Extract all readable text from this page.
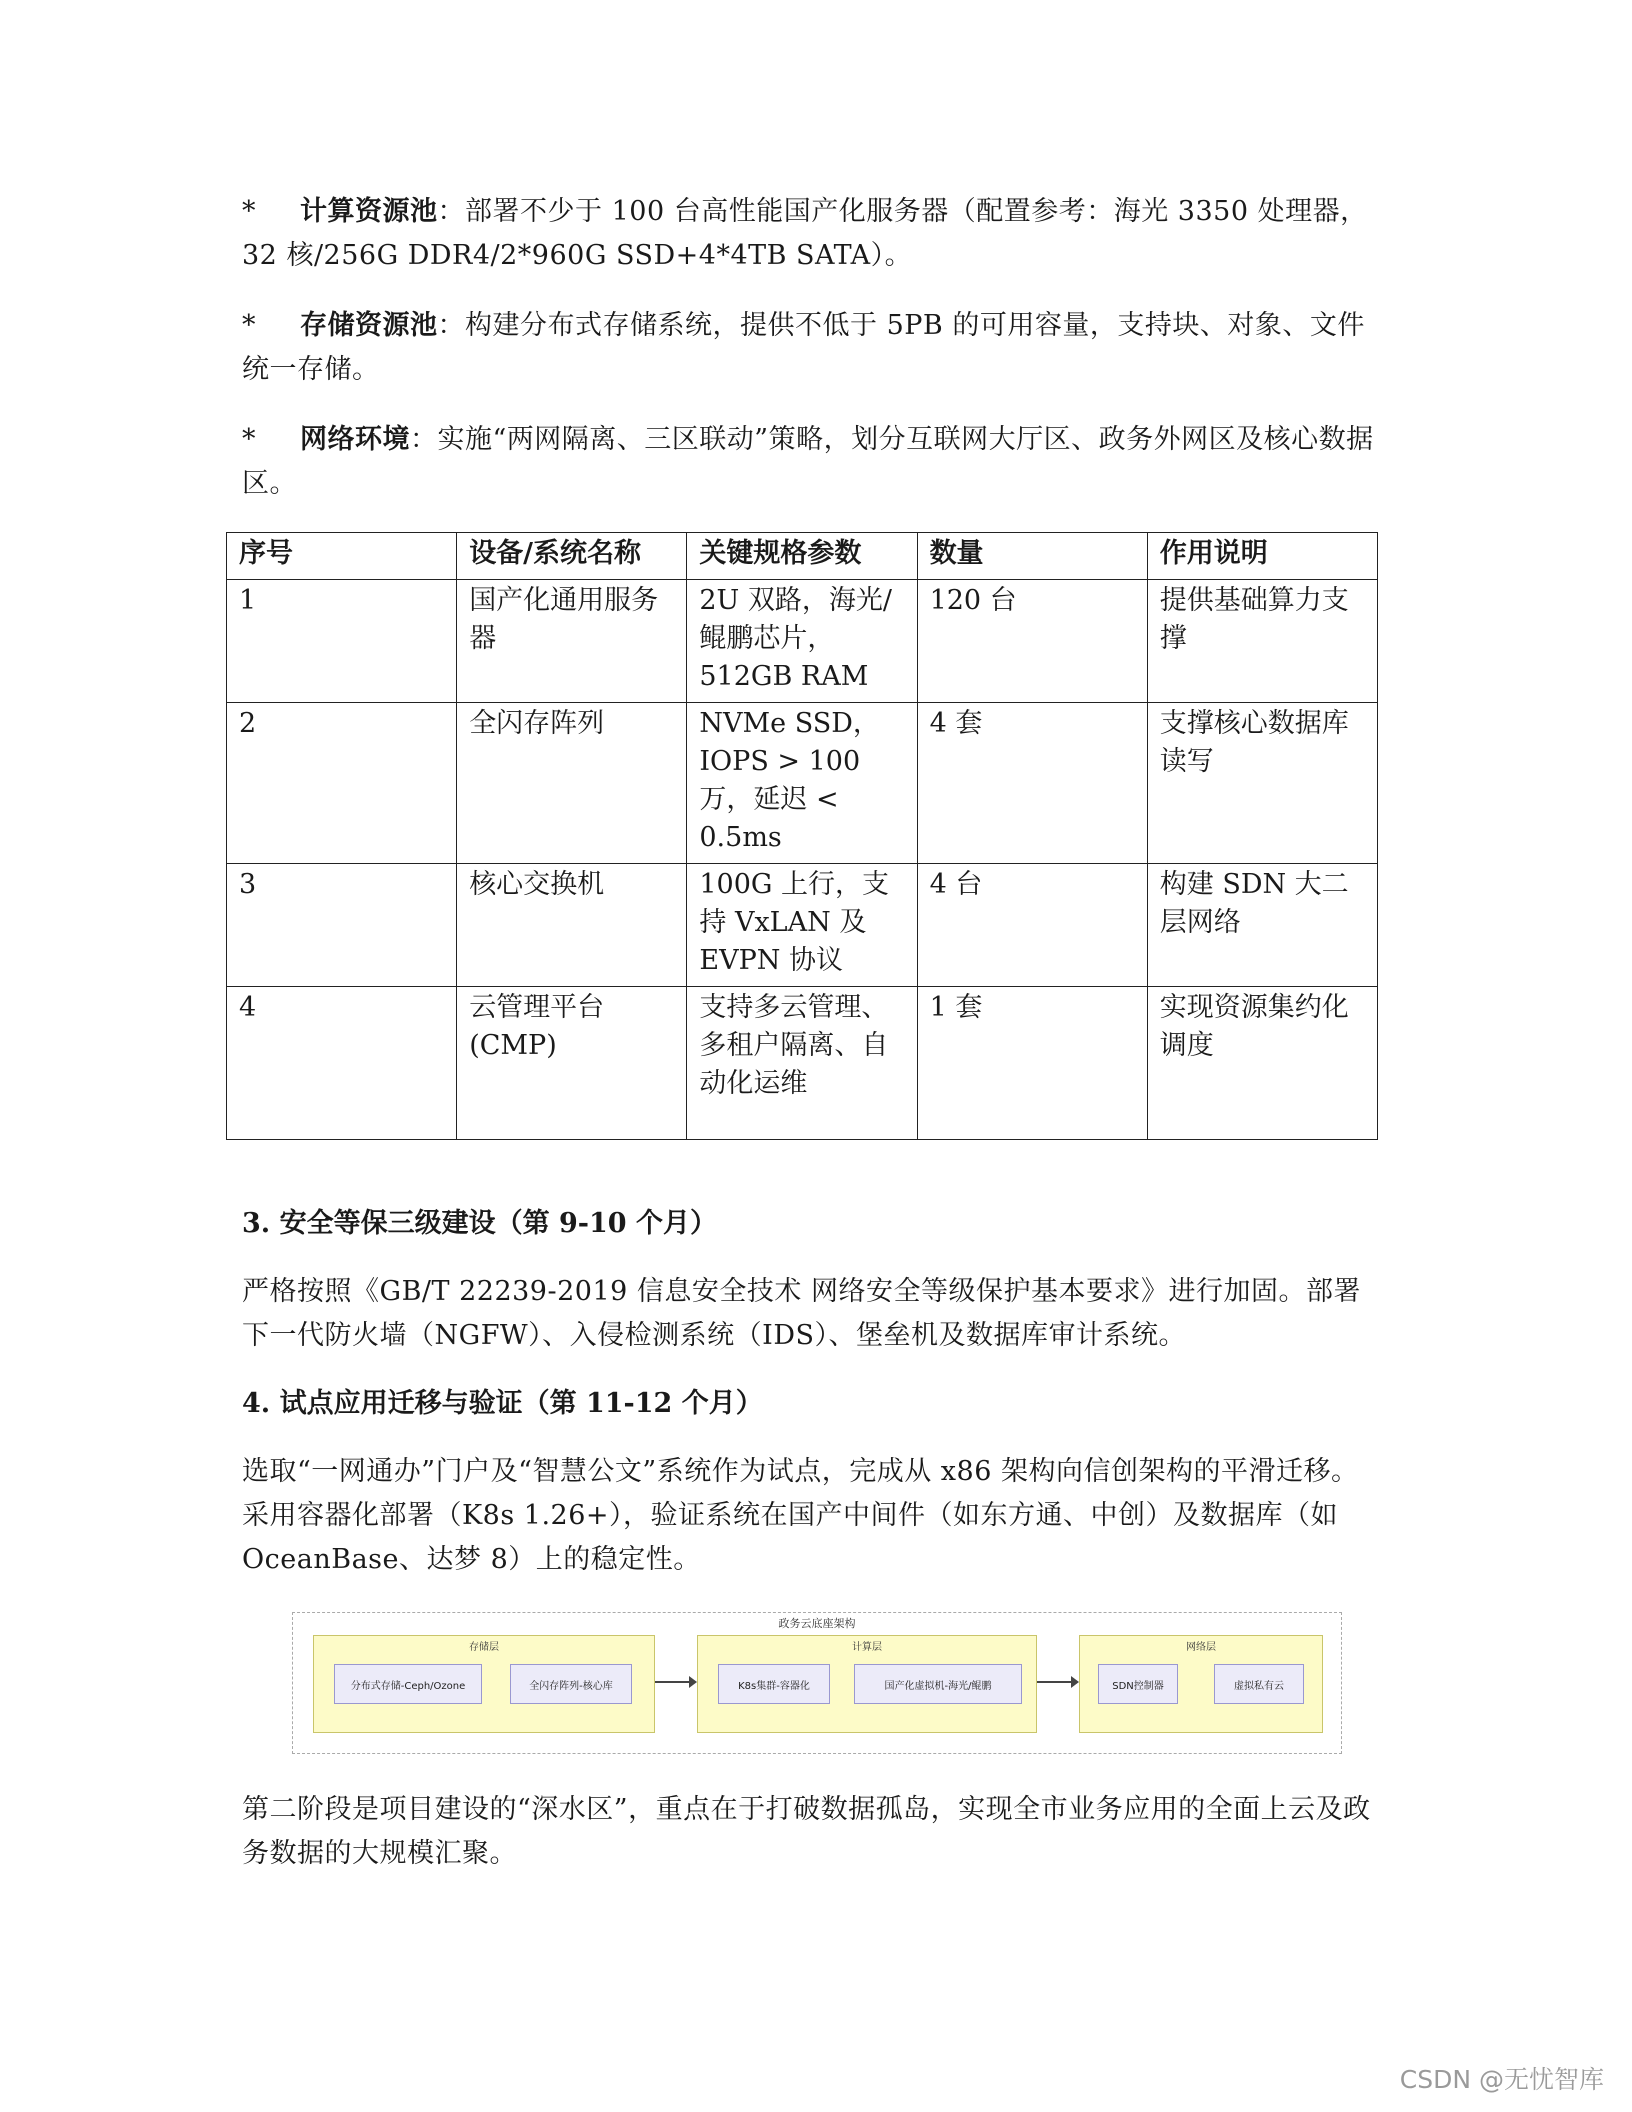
* 计算资源池：部署不少于 100 台高性能国产化服务器（配置参考：海光 3350 处理器，32 核/256G DDR4/2*960G SSD+4*4TB SATA）。

* 存储资源池：构建分布式存储系统，提供不低于 5PB 的可用容量，支持块、对象、文件统一存储。

* 网络环境：实施“两网隔离、三区联动”策略，划分互联网大厅区、政务外网区及核心数据区。

序号	设备/系统名称	关键规格参数	数量	作用说明
1	国产化通用服务器	2U 双路，海光/鲲鹏芯片，512GB RAM	120 台	提供基础算力支撑
2	全闪存阵列	NVMe SSD，IOPS > 100 万，延迟 < 0.5ms	4 套	支撑核心数据库读写
3	核心交换机	100G 上行，支持 VxLAN 及 EVPN 协议	4 台	构建 SDN 大二层网络
4	云管理平台 (CMP)	支持多云管理、多租户隔离、自动化运维	1 套	实现资源集约化调度
3. 安全等保三级建设（第 9-10 个月）

严格按照《GB/T 22239-2019 信息安全技术 网络安全等级保护基本要求》进行加固。部署下一代防火墙（NGFW）、入侵检测系统（IDS）、堡垒机及数据库审计系统。

4. 试点应用迁移与验证（第 11-12 个月）

选取“一网通办”门户及“智慧公文”系统作为试点，完成从 x86 架构向信创架构的平滑迁移。采用容器化部署（K8s 1.26+），验证系统在国产中间件（如东方通、中创）及数据库（如 OceanBase、达梦 8）上的稳定性。

政务云底座架构
存储层
分布式存储-Ceph/Ozone	全闪存阵列-核心库
计算层
K8s集群-容器化	国产化虚拟机-海光/鲲鹏
网络层
SDN控制器	虚拟私有云

第二阶段是项目建设的“深水区”，重点在于打破数据孤岛，实现全市业务应用的全面上云及政务数据的大规模汇聚。

CSDN @无忧智库
